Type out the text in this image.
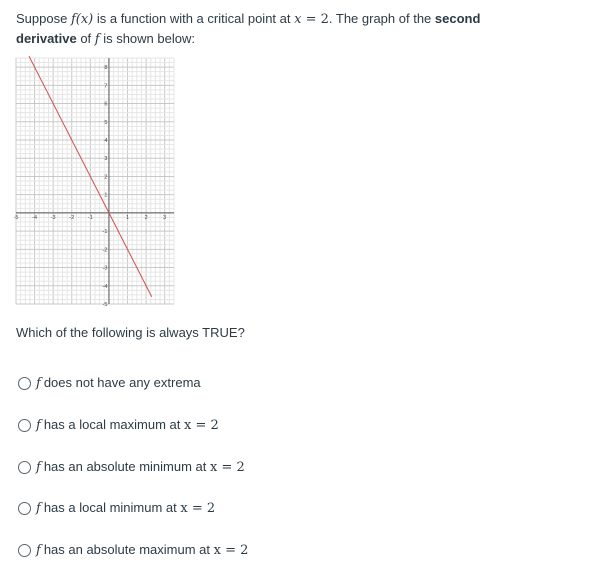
Suppose f(x) is a function with a critical point at x = 2. The graph of the second
derivative of f is shown below:
-5 -4 -3 -2 -1	1	2	3
-5
-4
-3
-2
-1
1
2
3
4
5
6
7
8
Which of the following is always TRUE?
f does not have any extrema
f has a local maximum at x = 2
f has an absolute minimum at x = 2
f has a local minimum at x = 2
f has an absolute maximum at x = 2
